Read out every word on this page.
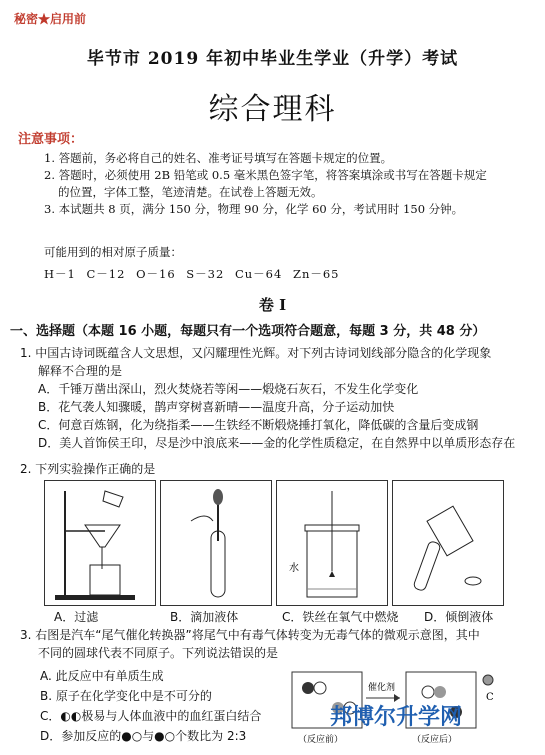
秘密★启用前
毕节市 2019 年初中毕业生学业（升学）考试
综合理科
注意事项：

1. 答题前，务必将自己的姓名、准考证号填写在答题卡规定的位置。

2. 答题时，必须使用 2B 铅笔或 0.5 毫米黑色签字笔，将答案填涂或书写在答题卡规定

的位置，字体工整，笔迹清楚。在试卷上答题无效。

3. 本试题共 8 页，满分 150 分，物理 90 分，化学 60 分，考试用时 150 分钟。

可能用到的相对原子质量：
H－1 C－12 O－16 S－32 Cu－64 Zn－65
卷 I
一、选择题（本题 16 小题，每题只有一个选项符合题意，每题 3 分，共 48 分）

1. 中国古诗词既蕴含人文思想，又闪耀理性光辉。对下列古诗词划线部分隐含的化学现象

解释不合理的是

A．千锤万凿出深山，烈火焚烧若等闲——煅烧石灰石，不发生化学变化

B．花气袭人知骤暖，鹊声穿树喜新晴——温度升高，分子运动加快

C．何意百炼钢，化为绕指柔——生铁经不断煅烧捶打氧化，降低碳的含量后变成钢

D．美人首饰侯王印，尽是沙中浪底来——金的化学性质稳定，在自然界中以单质形态存在

2. 下列实验操作正确的是
水
A．过滤	B．滴加液体	C．铁丝在氧气中燃烧 D．倾倒液体

3. 右图是汽车“尾气催化转换器”将尾气中有毒气体转变为无毒气体的微观示意图，其中

不同的圆球代表不同原子。下列说法错误的是

A. 此反应中有单质生成

B. 原子在化学变化中是不可分的

C．◐◐极易与人体血液中的血红蛋白结合

D．参加反应的●○与●○个数比为 2:3

催化剂
（反应前）	（反应后）
C
邦博尔升学网
